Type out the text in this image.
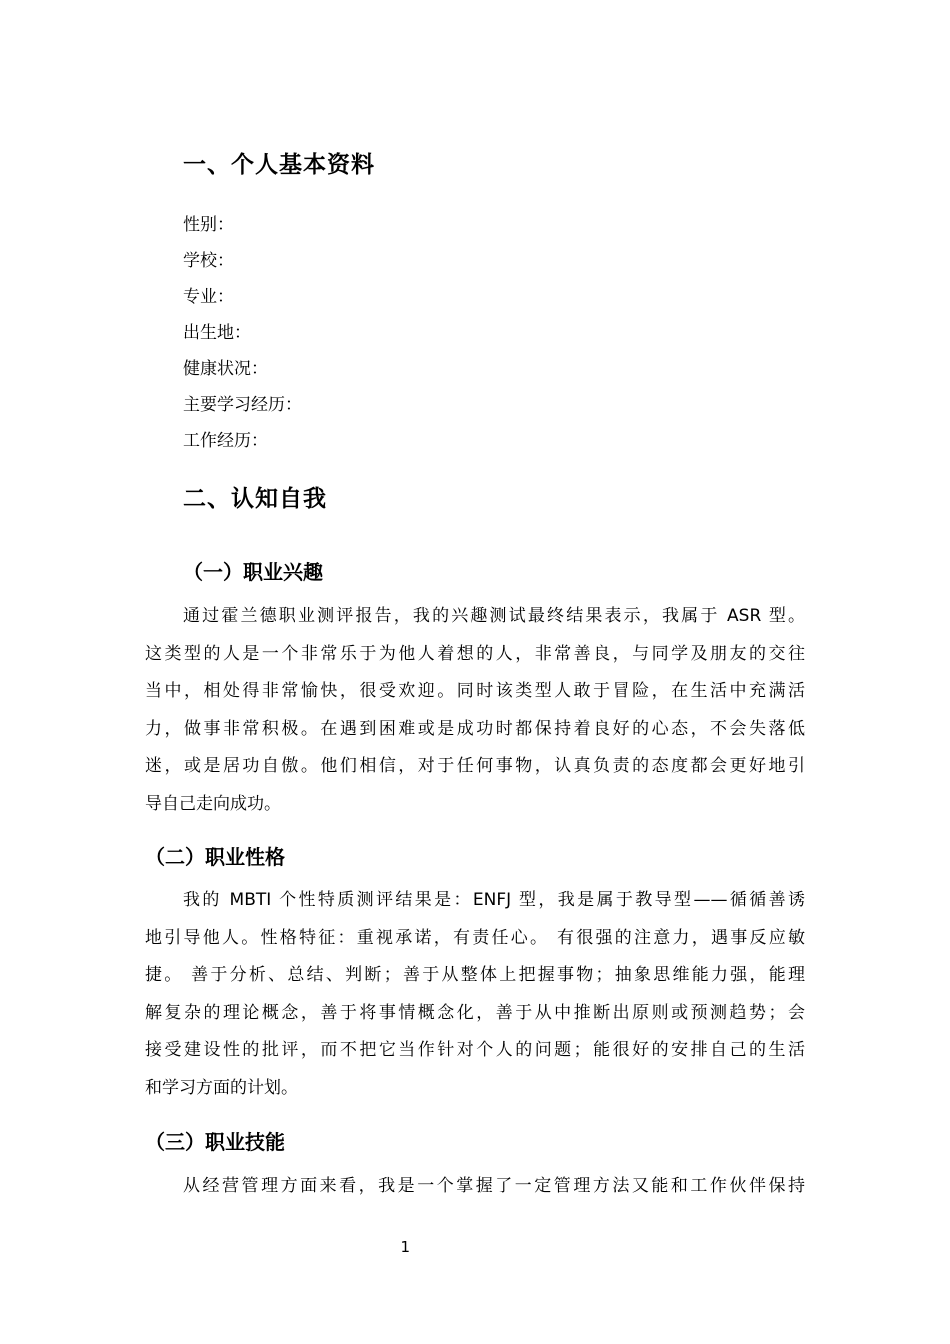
一、个人基本资料
性别：
学校：
专业：
出生地：
健康状况：
主要学习经历：
工作经历：
二、认知自我
（一）职业兴趣
通过霍兰德职业测评报告，我的兴趣测试最终结果表示，我属于 ASR 型。
这类型的人是一个非常乐于为他人着想的人，非常善良，与同学及朋友的交往
当中，相处得非常愉快，很受欢迎。同时该类型人敢于冒险，在生活中充满活
力，做事非常积极。在遇到困难或是成功时都保持着良好的心态，不会失落低
迷，或是居功自傲。他们相信，对于任何事物，认真负责的态度都会更好地引
导自己走向成功。
（二）职业性格
我的 MBTI 个性特质测评结果是：ENFJ 型，我是属于教导型——循循善诱
地引导他人。性格特征：重视承诺，有责任心。 有很强的注意力，遇事反应敏
捷。 善于分析、总结、判断；善于从整体上把握事物；抽象思维能力强，能理
解复杂的理论概念，善于将事情概念化，善于从中推断出原则或预测趋势；会
接受建设性的批评，而不把它当作针对个人的问题；能很好的安排自己的生活
和学习方面的计划。
（三）职业技能
从经营管理方面来看，我是一个掌握了一定管理方法又能和工作伙伴保持
1
